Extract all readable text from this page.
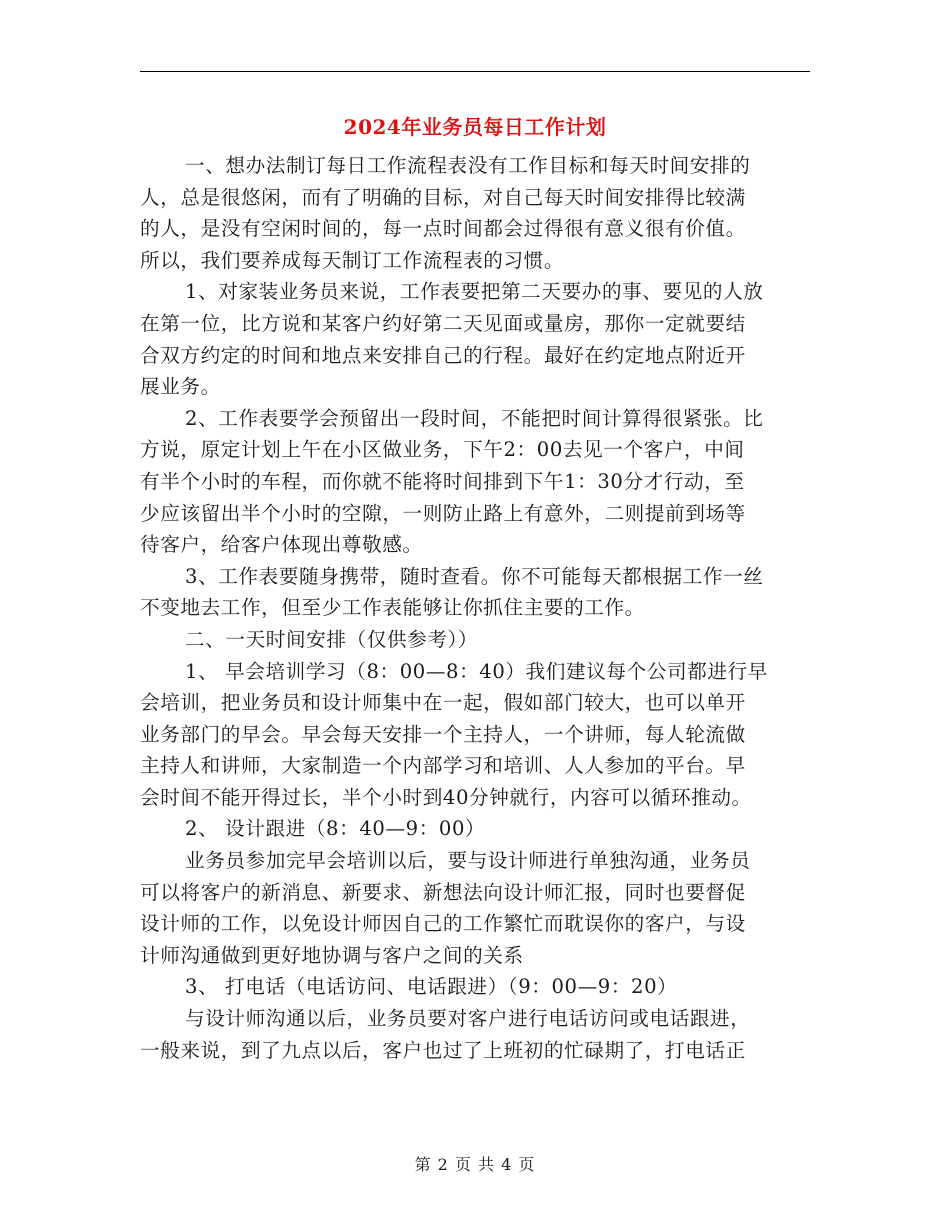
2024年业务员每日工作计划
一、想办法制订每日工作流程表没有工作目标和每天时间安排的
人，总是很悠闲，而有了明确的目标，对自己每天时间安排得比较满
的人，是没有空闲时间的，每一点时间都会过得很有意义很有价值。
所以，我们要养成每天制订工作流程表的习惯。
1、对家装业务员来说，工作表要把第二天要办的事、要见的人放
在第一位，比方说和某客户约好第二天见面或量房，那你一定就要结
合双方约定的时间和地点来安排自己的行程。最好在约定地点附近开
展业务。
2、工作表要学会预留出一段时间，不能把时间计算得很紧张。比
方说，原定计划上午在小区做业务，下午2：00去见一个客户，中间
有半个小时的车程，而你就不能将时间排到下午1：30分才行动，至
少应该留出半个小时的空隙，一则防止路上有意外，二则提前到场等
待客户，给客户体现出尊敬感。
3、工作表要随身携带，随时查看。你不可能每天都根据工作一丝
不变地去工作，但至少工作表能够让你抓住主要的工作。
二、一天时间安排（仅供参考））
1、 早会培训学习（8：00—8：40）我们建议每个公司都进行早
会培训，把业务员和设计师集中在一起，假如部门较大，也可以单开
业务部门的早会。早会每天安排一个主持人，一个讲师，每人轮流做
主持人和讲师，大家制造一个内部学习和培训、人人参加的平台。早
会时间不能开得过长，半个小时到40分钟就行，内容可以循环推动。
2、 设计跟进（8：40—9：00）
业务员参加完早会培训以后，要与设计师进行单独沟通，业务员
可以将客户的新消息、新要求、新想法向设计师汇报，同时也要督促
设计师的工作，以免设计师因自己的工作繁忙而耽误你的客户，与设
计师沟通做到更好地协调与客户之间的关系
3、 打电话（电话访问、电话跟进）（9：00—9：20）
与设计师沟通以后，业务员要对客户进行电话访问或电话跟进，
一般来说，到了九点以后，客户也过了上班初的忙碌期了，打电话正
第 2 页 共 4 页
